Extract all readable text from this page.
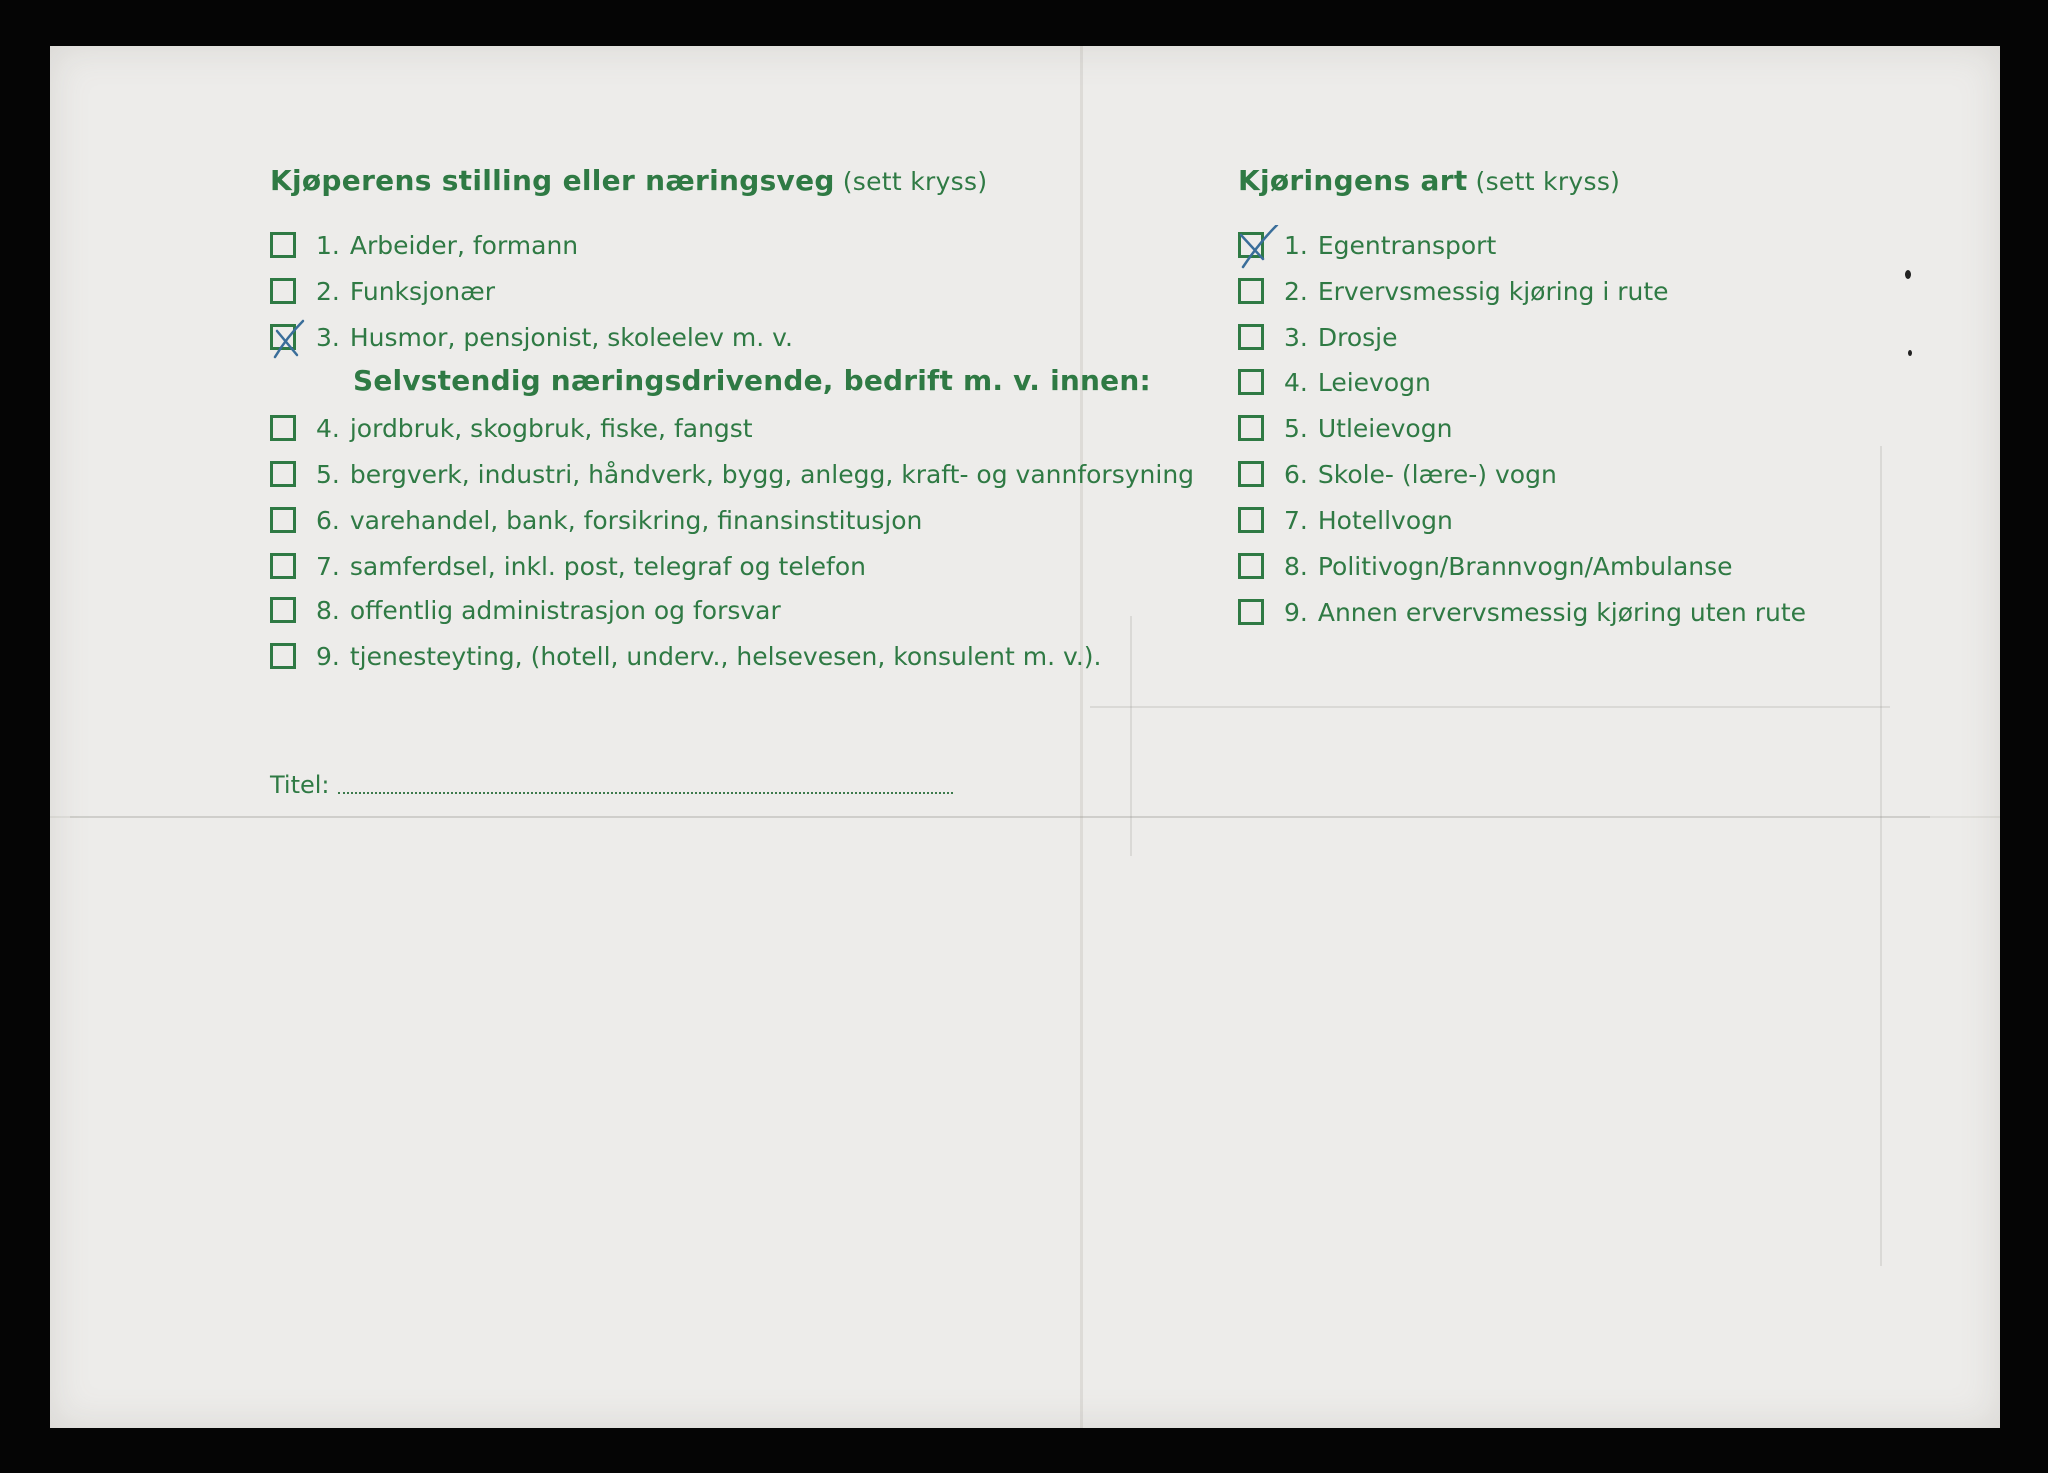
Kjøperens stilling eller næringsveg (sett kryss)
1. Arbeider, formann
2. Funksjonær
3. Husmor, pensjonist, skoleelev m. v.
Selvstendig næringsdrivende, bedrift m. v. innen:
4. jordbruk, skogbruk, fiske, fangst
5. bergverk, industri, håndverk, bygg, anlegg, kraft- og vannforsyning
6. varehandel, bank, forsikring, finansinstitusjon
7. samferdsel, inkl. post, telegraf og telefon
8. offentlig administrasjon og forsvar
9. tjenesteyting, (hotell, underv., helsevesen, konsulent m. v.).
Titel:
Kjøringens art (sett kryss)
1. Egentransport
2. Ervervsmessig kjøring i rute
3. Drosje
4. Leievogn
5. Utleievogn
6. Skole- (lære-) vogn
7. Hotellvogn
8. Politivogn/Brannvogn/Ambulanse
9. Annen ervervsmessig kjøring uten rute
